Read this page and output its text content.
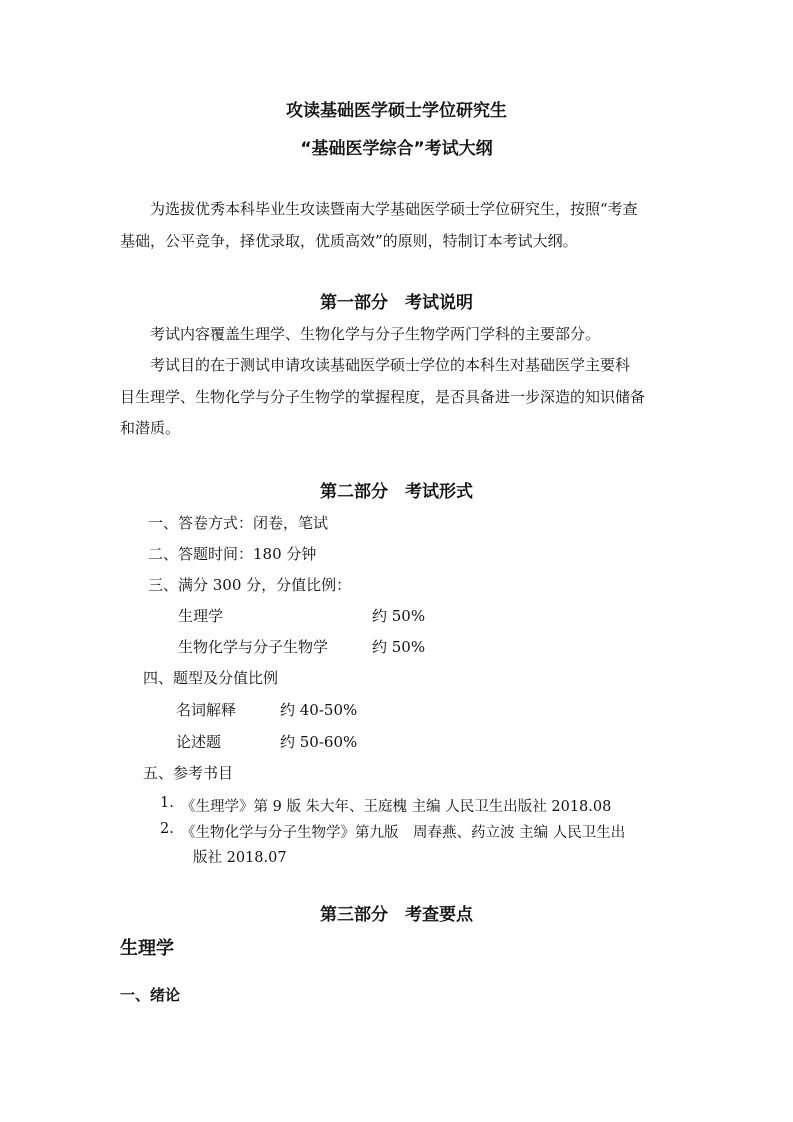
攻读基础医学硕士学位研究生
“基础医学综合”考试大纲
为选拔优秀本科毕业生攻读暨南大学基础医学硕士学位研究生，按照“考查
基础，公平竞争，择优录取，优质高效”的原则，特制订本考试大纲。
第一部分　考试说明
考试内容覆盖生理学、生物化学与分子生物学两门学科的主要部分。
考试目的在于测试申请攻读基础医学硕士学位的本科生对基础医学主要科
目生理学、生物化学与分子生物学的掌握程度，是否具备进一步深造的知识储备
和潜质。
第二部分　考试形式
一、答卷方式：闭卷，笔试
二、答题时间：180 分钟
三、满分 300 分，分值比例：
生理学	约 50%
生物化学与分子生物学	约 50%
四、题型及分值比例
名词解释	约 40-50%
论述题	约 50-60%
五、参考书目
1. 《生理学》第 9 版 朱大年、王庭槐 主编 人民卫生出版社 2018.08
2. 《生物化学与分子生物学》第九版　周春燕、药立波 主编 人民卫生出
版社 2018.07
第三部分　考查要点
生理学
一、绪论
